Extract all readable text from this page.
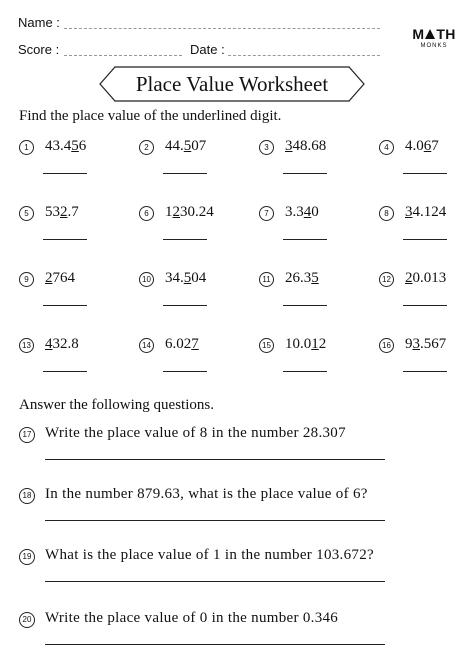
Name :
Score :	Date :
M TH
MONKS
Place Value Worksheet
Find the place value of the underlined digit.
1	43.456	2	44.507	3	348.68	4	4.067
5	532.7	6	1230.24	7	3.340	8	34.124
9	2764	10 34.504	11 26.35	12 20.013
13 432.8	14 6.027	15 10.012	16 93.567
Answer the following questions.
17 Write the place value of 8 in the number 28.307
18 In the number 879.63, what is the place value of 6?
19 What is the place value of 1 in the number 103.672?
20 Write the place value of 0 in the number 0.346
